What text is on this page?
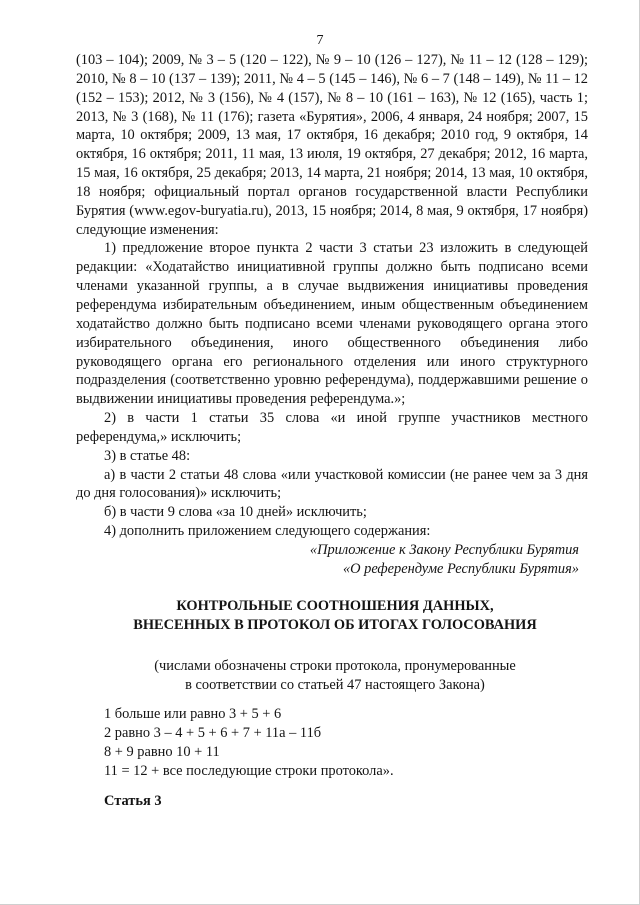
7

(103 – 104); 2009, № 3 – 5 (120 – 122), № 9 – 10 (126 – 127), № 11 – 12 (128 – 129); 2010, № 8 – 10 (137 – 139); 2011, № 4 – 5 (145 – 146), № 6 – 7 (148 – 149), № 11 – 12 (152 – 153); 2012, № 3 (156), № 4 (157), № 8 – 10 (161 – 163), № 12 (165), часть 1; 2013, № 3 (168), № 11 (176); газета «Бурятия», 2006, 4 января, 24 ноября; 2007, 15 марта, 10 октября; 2009, 13 мая, 17 октября, 16 декабря; 2010 год, 9 октября, 14 октября, 16 октября; 2011, 11 мая, 13 июля, 19 октября, 27 декабря; 2012, 16 марта, 15 мая, 16 октября, 25 декабря; 2013, 14 марта, 21 ноября; 2014, 13 мая, 10 октября, 18 ноября; официальный портал органов государственной власти Республики Бурятия (www.egov-buryatia.ru), 2013, 15 ноября; 2014, 8 мая, 9 октября, 17 ноября) следующие изменения:

1) предложение второе пункта 2 части 3 статьи 23 изложить в следующей редакции: «Ходатайство инициативной группы должно быть подписано всеми членами указанной группы, а в случае выдвижения инициативы проведения референдума избирательным объединением, иным общественным объединением ходатайство должно быть подписано всеми членами руководящего органа этого избирательного объединения, иного общественного объединения либо руководящего органа его регионального отделения или иного структурного подразделения (соответственно уровню референдума), поддержавшими решение о выдвижении инициативы проведения референдума.»;

2) в части 1 статьи 35 слова «и иной группе участников местного референдума,» исключить;

3) в статье 48:

а) в части 2 статьи 48 слова «или участковой комиссии (не ранее чем за 3 дня до дня голосования)» исключить;

б) в части 9 слова «за 10 дней» исключить;

4) дополнить приложением следующего содержания:

«Приложение к Закону Республики Бурятия
«О референдуме Республики Бурятия»
КОНТРОЛЬНЫЕ СООТНОШЕНИЯ ДАННЫХ,
ВНЕСЕННЫХ В ПРОТОКОЛ ОБ ИТОГАХ ГОЛОСОВАНИЯ
(числами обозначены строки протокола, пронумерованные
в соответствии со статьей 47 настоящего Закона)
1 больше или равно 3 + 5 + 6
2 равно 3 – 4 + 5 + 6 + 7 + 11а – 11б
8 + 9 равно 10 + 11
11 = 12 + все последующие строки протокола».
Статья 3
